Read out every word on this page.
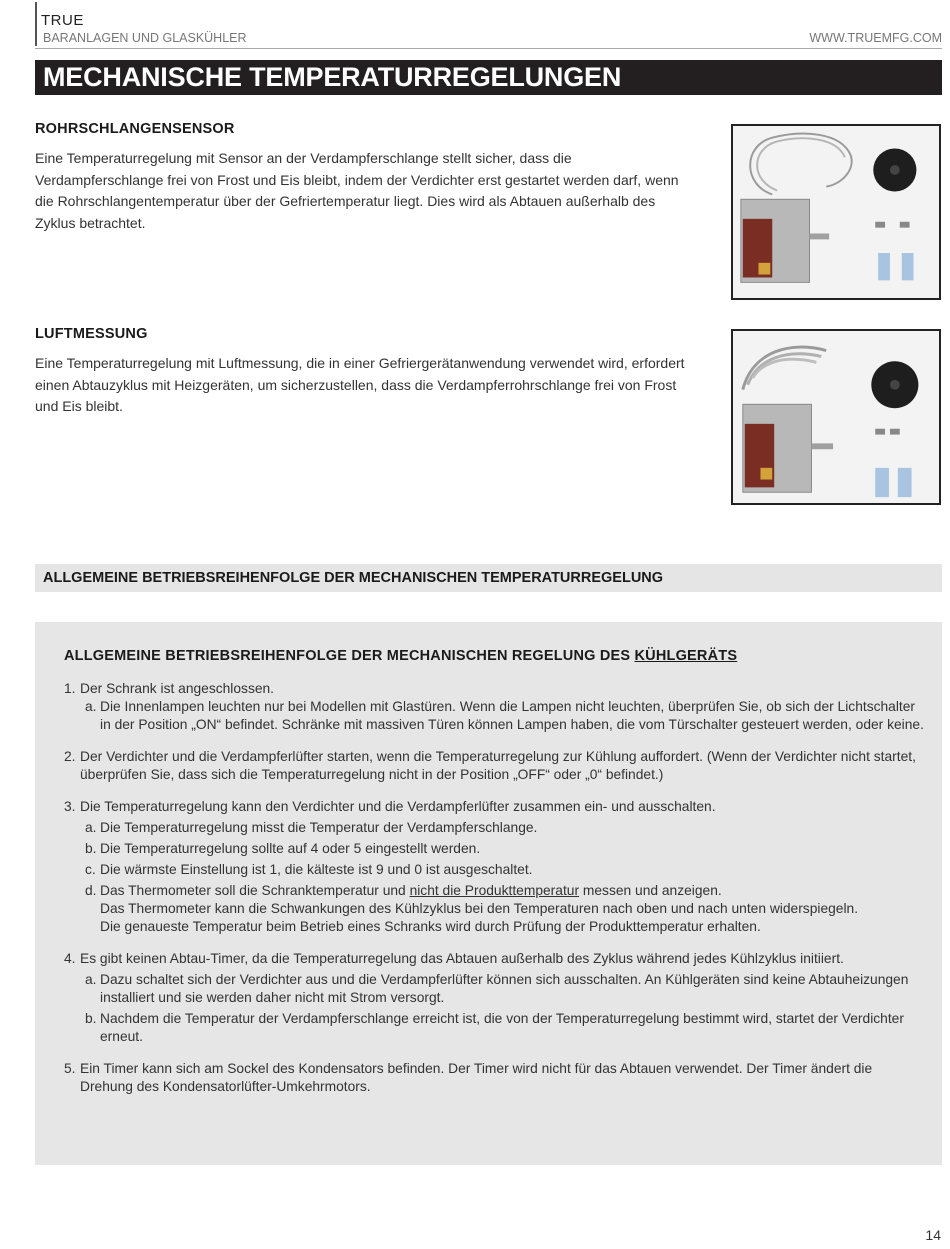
TRUE
BARANLAGEN UND GLASKÜHLER	WWW.TRUEMFG.COM
MECHANISCHE TEMPERATURREGELUNGEN
ROHRSCHLANGENSENSOR

Eine Temperaturregelung mit Sensor an der Verdampferschlange stellt sicher, dass die Verdampferschlange frei von Frost und Eis bleibt, indem der Verdichter erst gestartet werden darf, wenn die Rohrschlangentemperatur über der Gefriertemperatur liegt. Dies wird als Abtauen außerhalb des Zyklus betrachtet.

LUFTMESSUNG

Eine Temperaturregelung mit Luftmessung, die in einer Gefriergerätanwendung verwendet wird, erfordert einen Abtauzyklus mit Heizgeräten, um sicherzustellen, dass die Verdampferrohrschlange frei von Frost und Eis bleibt.

ALLGEMEINE BETRIEBSREIHENFOLGE DER MECHANISCHEN TEMPERATURREGELUNG
ALLGEMEINE BETRIEBSREIHENFOLGE DER MECHANISCHEN REGELUNG DES KÜHLGERÄTS
1. Der Schrank ist angeschlossen.
a. Die Innenlampen leuchten nur bei Modellen mit Glastüren. Wenn die Lampen nicht leuchten, überprüfen Sie, ob sich der Lichtschalter in der Position „ON“ befindet. Schränke mit massiven Türen können Lampen haben, die vom Türschalter gesteuert werden, oder keine.
2. Der Verdichter und die Verdampferlüfter starten, wenn die Temperaturregelung zur Kühlung auffordert. (Wenn der Verdichter nicht startet, überprüfen Sie, dass sich die Temperaturregelung nicht in der Position „OFF“ oder „0“ befindet.)
3. Die Temperaturregelung kann den Verdichter und die Verdampferlüfter zusammen ein- und ausschalten.
a. Die Temperaturregelung misst die Temperatur der Verdampferschlange.
b. Die Temperaturregelung sollte auf 4 oder 5 eingestellt werden.
c. Die wärmste Einstellung ist 1, die kälteste ist 9 und 0 ist ausgeschaltet.
d. Das Thermometer soll die Schranktemperatur und nicht die Produkttemperatur messen und anzeigen.
Das Thermometer kann die Schwankungen des Kühlzyklus bei den Temperaturen nach oben und nach unten widerspiegeln.
Die genaueste Temperatur beim Betrieb eines Schranks wird durch Prüfung der Produkttemperatur erhalten.
4. Es gibt keinen Abtau-Timer, da die Temperaturregelung das Abtauen außerhalb des Zyklus während jedes Kühlzyklus initiiert.
a. Dazu schaltet sich der Verdichter aus und die Verdampferlüfter können sich ausschalten. An Kühlgeräten sind keine Abtauheizungen installiert und sie werden daher nicht mit Strom versorgt.
b. Nachdem die Temperatur der Verdampferschlange erreicht ist, die von der Temperaturregelung bestimmt wird, startet der Verdichter erneut.
5. Ein Timer kann sich am Sockel des Kondensators befinden. Der Timer wird nicht für das Abtauen verwendet. Der Timer ändert die Drehung des Kondensatorlüfter-Umkehrmotors.
14
